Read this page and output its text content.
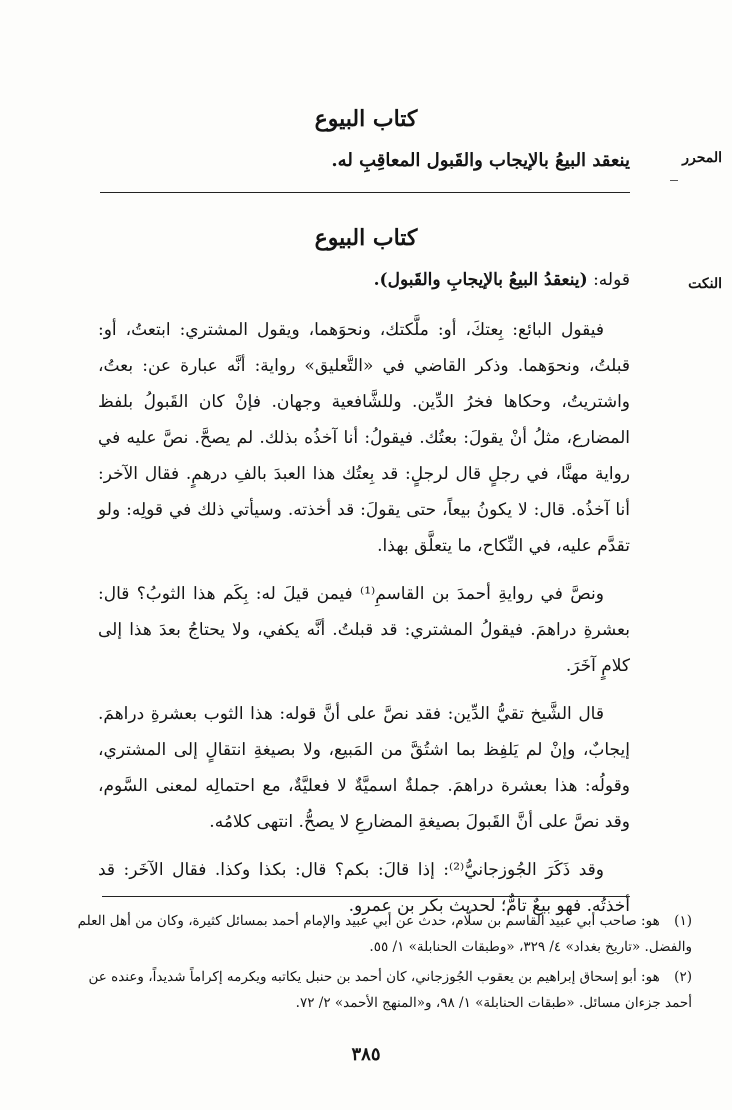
كتاب البيوع
المحرر
ينعقد البيعُ بالإيجاب والقَبول المعاقِبِ له.
كتاب البيوع
النكت
قوله: (ينعقدُ البيعُ بالإيجابِ والقَبول).

فيقول البائع: بِعتكَ، أو: ملَّكتك، ونحوَهما، ويقول المشتري: ابتعتُ، أو: قبلتُ، ونحوَهما. وذكر القاضي في «التَّعليق» رواية: أنَّه عبارة عن: بعتُ، واشتريتُ، وحكاها فخرُ الدِّين. وللشَّافعية وجهان. فإنْ كان القَبولُ بلفظ المضارع، مثلُ أنْ يقولَ: بعتُك. فيقولُ: أنا آخذُه بذلك. لم يصحَّ. نصَّ عليه في رواية مهنَّا، في رجلٍ قال لرجلٍ: قد بِعتُك هذا العبدَ بالفِ درهمٍ. فقال الآخر: أنا آخذُه. قال: لا يكونُ بيعاً، حتى يقولَ: قد أخذته. وسيأتي ذلك في قولِه: ولو تقدَّم عليه، في النِّكاح، ما يتعلَّق بهذا.

ونصَّ في روايةِ أحمدَ بن القاسمِ⁽¹⁾ فيمن قيلَ له: بِكَم هذا الثوبُ؟ قال: بعشرةِ دراهمَ. فيقولُ المشتري: قد قبلتُ. أنَّه يكفي، ولا يحتاجُ بعدَ هذا إلى كلامٍ آخَرَ.

قال الشَّيخ تقيُّ الدِّين: فقد نصَّ على أنَّ قوله: هذا الثوب بعشرةِ دراهمَ. إيجابٌ، وإنْ لم يَلفِظ بما اشتُقَّ من المَبيع، ولا بصيغةِ انتقالٍ إلى المشتري، وقولُه: هذا بعشرة دراهمَ. جملةٌ اسميَّةٌ لا فعليَّةٌ، مع احتمالِه لمعنى السَّوم، وقد نصَّ على أنَّ القَبولَ بصيغةِ المضارعِ لا يصحُّ. انتهى كلامُه.

وقد ذَكَرَ الجُوزجانيُّ⁽²⁾: إذا قالَ: بكم؟ قال: بكذا وكذا. فقال الآخَر: قد أخذتُه. فهو بيعٌ تامٌّ؛ لحديث بكر بن عمرو.

(١) هو: صاحب أبي عبيد القاسم بن سلّام، حدث عن أبي عبيد والإمام أحمد بمسائل كثيرة، وكان من أهل العلم والفضل. «تاريخ بغداد» ٤/ ٣٢٩، «وطبقات الحنابلة» ١/ ٥٥.

(٢) هو: أبو إسحاق إبراهيم بن يعقوب الجُوزجاني، كان أحمد بن حنبل يكاتبه ويكرمه إكراماً شديداً، وعنده عن أحمد جزءان مسائل. «طبقات الحنابلة» ١/ ٩٨، و«المنهج الأحمد» ٢/ ٧٢.

٣٨٥
